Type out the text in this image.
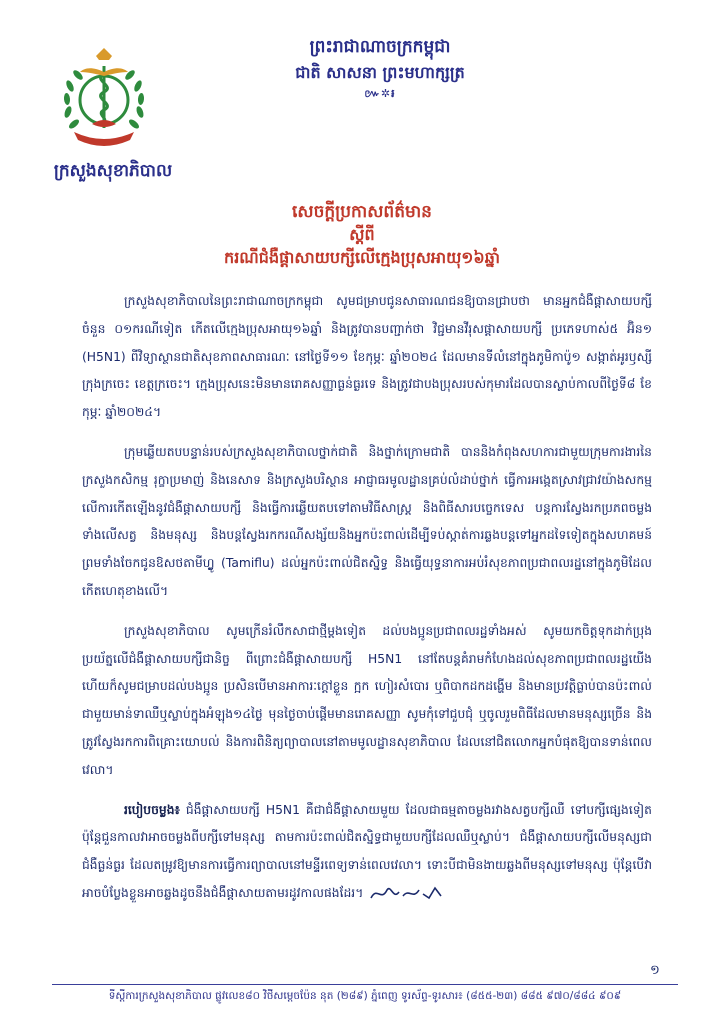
ក្រសួងសុខាភិបាល
ព្រះរាជាណាចក្រកម្ពុជា
ជាតិ សាសនា ព្រះមហាក្សត្រ
៚✲៛
សេចក្ដីប្រកាសព័ត៌មាន
ស្ដីពី
ករណីជំងឺផ្ដាសាយបក្សីលើក្មេងប្រុសអាយុ១៦ឆ្នាំ

ក្រសួងសុខាភិបាលនៃព្រះរាជាណាចក្រកម្ពុជា សូមជម្រាបជូនសាធារណជនឱ្យបានជ្រាបថា មានអ្នកជំងឺផ្ដាសាយបក្សី ចំនួន ០១ករណីទៀត កើតលើក្មេងប្រុសអាយុ១៦ឆ្នាំ និងត្រូវបានបញ្ជាក់ថា វិជ្ជមានវីរុសផ្ដាសាយបក្សី ប្រភេទហាស់៥ អ៊ិន១ (H5N1) ពីវិទ្យាស្ថានជាតិសុខភាពសាធារណៈ នៅថ្ងៃទី១១ ខែកុម្ភៈ ឆ្នាំ២០២៤ ដែលមានទីលំនៅក្នុងភូមិកាប៉ូ១ សង្កាត់អូរឫស្សី ក្រុងក្រចេះ ខេត្តក្រចេះ។ ក្មេងប្រុសនេះមិនមានរោគសញ្ញាធ្ងន់ធ្ងរទេ និងត្រូវជាបងប្រុសរបស់កុមារដែលបានស្លាប់កាលពីថ្ងៃទី៨ ខែកុម្ភៈ ឆ្នាំ២០២៤។

ក្រុមឆ្លើយតបបន្ទាន់របស់ក្រសួងសុខាភិបាលថ្នាក់ជាតិ និងថ្នាក់ក្រោមជាតិ បាននិងកំពុងសហការជាមួយក្រុមការងារនៃក្រសួងកសិកម្ម រុក្ខាប្រមាញ់ និងនេសាទ និងក្រសួងបរិស្ថាន អាជ្ញាធរមូលដ្ឋានគ្រប់លំដាប់ថ្នាក់ ធ្វើការអង្កេតស្រាវជ្រាវយ៉ាងសកម្មលើការកើតឡើងនូវជំងឺផ្ដាសាយបក្សី និងធ្វើការឆ្លើយតបទៅតាមវិធីសាស្ត្រ និងពិធីសារបច្ចេកទេស បន្តការស្វែងរកប្រភពចម្លង ទាំងលើសត្វ និងមនុស្ស និងបន្តស្វែងរកករណីសង្ស័យនិងអ្នកប៉ះពាល់ដើម្បីទប់ស្កាត់ការឆ្លងបន្តទៅអ្នកដទៃទៀតក្នុងសហគមន៍ ព្រមទាំងចែកជូនឱសថតាមីហ្វ្លូ (Tamiflu) ដល់អ្នកប៉ះពាល់ជិតស្និទ្ធ និងធ្វើយុទ្ធនាការអប់រំសុខភាពប្រជាពលរដ្ឋនៅក្នុងភូមិដែលកើតហេតុខាងលើ។

ក្រសួងសុខាភិបាល សូមក្រើនរំលឹកសាជាថ្មីម្ដងទៀត ដល់បងប្អូនប្រជាពលរដ្ឋទាំងអស់ សូមយកចិត្តទុកដាក់ប្រុងប្រយ័ត្នលើជំងឺផ្ដាសាយបក្សីជានិច្ច ពីព្រោះជំងឺផ្ដាសាយបក្សី H5N1 នៅតែបន្តគំរាមកំហែងដល់សុខភាពប្រជាពលរដ្ឋយើង ហើយក៏សូមជម្រាបដល់បងប្អូន ប្រសិនបើមានអាការៈក្ដៅខ្លួន ក្អក ហៀរសំបោរ ឬពិបាកដកដង្ហើម និងមានប្រវត្តិធ្លាប់បានប៉ះពាល់ជាមួយមាន់ទាឈឺឬស្លាប់ក្នុងអំឡុង១៤ថ្ងៃ មុនថ្ងៃចាប់ផ្ដើមមានរោគសញ្ញា សូមកុំទៅជួបជុំ ឬចូលរួមពិធីដែលមានមនុស្សច្រើន និងត្រូវស្វែងរកការពិគ្រោះយោបល់ និងការពិនិត្យព្យាបាលនៅតាមមូលដ្ឋានសុខាភិបាល ដែលនៅជិតលោកអ្នកបំផុតឱ្យបានទាន់ពេលវេលា។

របៀបចម្លង៖ ជំងឺផ្ដាសាយបក្សី H5N1 គឺជាជំងឺផ្ដាសាយមួយ ដែលជាធម្មតាចម្លងរវាងសត្វបក្សីឈឺ ទៅបក្សីផ្សេងទៀត ប៉ុន្តែជួនកាលវាអាចចម្លងពីបក្សីទៅមនុស្ស តាមការប៉ះពាល់ជិតស្និទ្ធជាមួយបក្សីដែលឈឺឬស្លាប់។ ជំងឺផ្ដាសាយបក្សីលើមនុស្សជាជំងឺធ្ងន់ធ្ងរ ដែលតម្រូវឱ្យមានការធ្វើការព្យាបាលនៅមន្ទីរពេទ្យទាន់ពេលវេលា។ ទោះបីជាមិនងាយឆ្លងពីមនុស្សទៅមនុស្ស ប៉ុន្តែបើវាអាចបំប្លែងខ្លួនអាចឆ្លងដូចនឹងជំងឺផ្ដាសាយតាមរដូវកាលផងដែរ។

១
ទីស្ដីការក្រសួងសុខាភិបាល ផ្លូវលេខ៨០ វិថីសម្ដេចប៉ែន នុត (២៨៩) ភ្នំពេញ ទូរស័ព្ទ-ទូរសារ៖ (៨៥៥-២៣) ៨៨៥ ៩៧០/៨៨៤ ៩០៩
